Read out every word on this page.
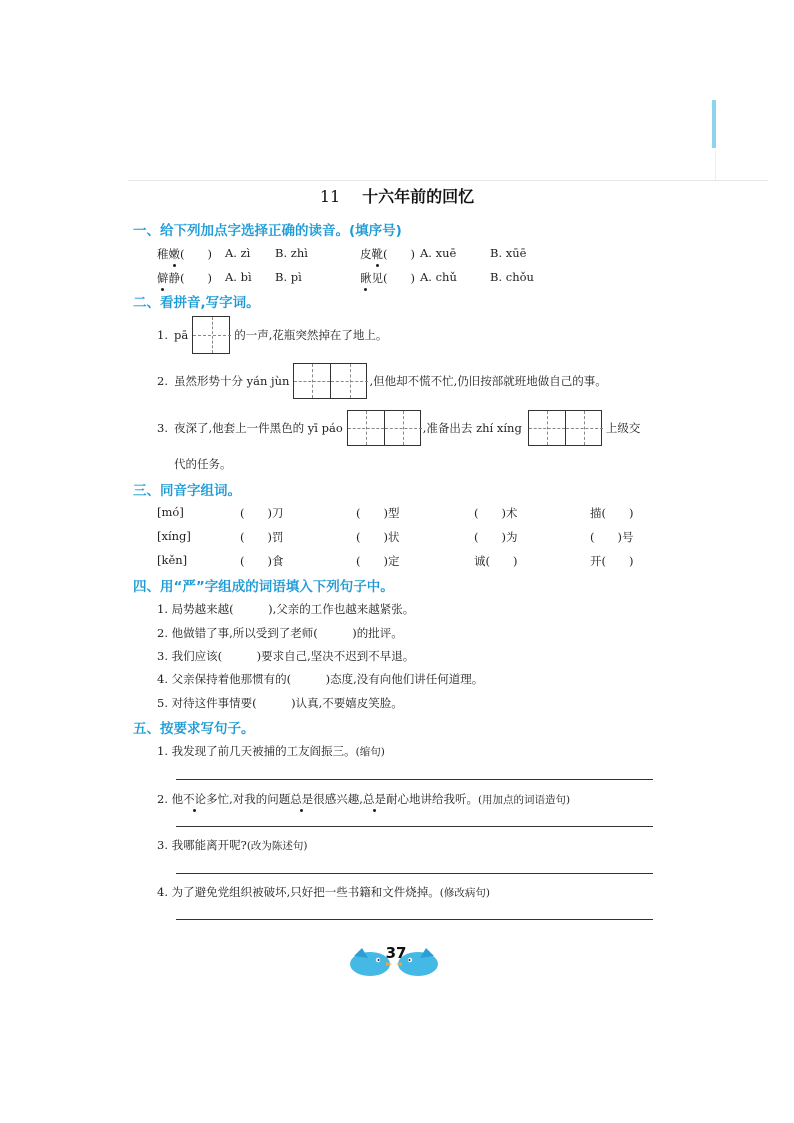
11 十六年前的回忆
一、给下列加点字选择正确的读音。(填序号)
稚嫩(　　) A. zì B. zhì	皮靴(　　) A. xuē	B. xūē
僻静(　　) A. bì B. pì	瞅见(　　) A. chǔ	B. chǒu
二、看拼音,写字词。
1. pā	的一声,花瓶突然掉在了地上。
2. 虽然形势十分 yán jùn	,但他却不慌不忙,仍旧按部就班地做自己的事。
3. 夜深了,他套上一件黑色的 yī páo	,准备出去 zhí xíng	上级交
代的任务。
三、同音字组词。
[mó]	(　　)刀	(　　)型	(　　)术	描(　　)
[xíng]	(　　)罚	(　　)状	(　　)为	(　　)号
[kěn]	(　　)食	(　　)定	诚(　　)	开(　　)
四、用“严”字组成的词语填入下列句子中。
1. 局势越来越(　　　),父亲的工作也越来越紧张。
2. 他做错了事,所以受到了老师(　　　)的批评。
3. 我们应该(　　　)要求自己,坚决不迟到不早退。
4. 父亲保持着他那惯有的(　　　)态度,没有向他们讲任何道理。
5. 对待这件事情要(　　　)认真,不要嬉皮笑脸。
五、按要求写句子。
1. 我发现了前几天被捕的工友阎振三。(缩句)
2. 他不论多忙,对我的问题总是很感兴趣,总是耐心地讲给我听。(用加点的词语造句)
3. 我哪能离开呢?(改为陈述句)
4. 为了避免党组织被破坏,只好把一些书籍和文件烧掉。(修改病句)
37
